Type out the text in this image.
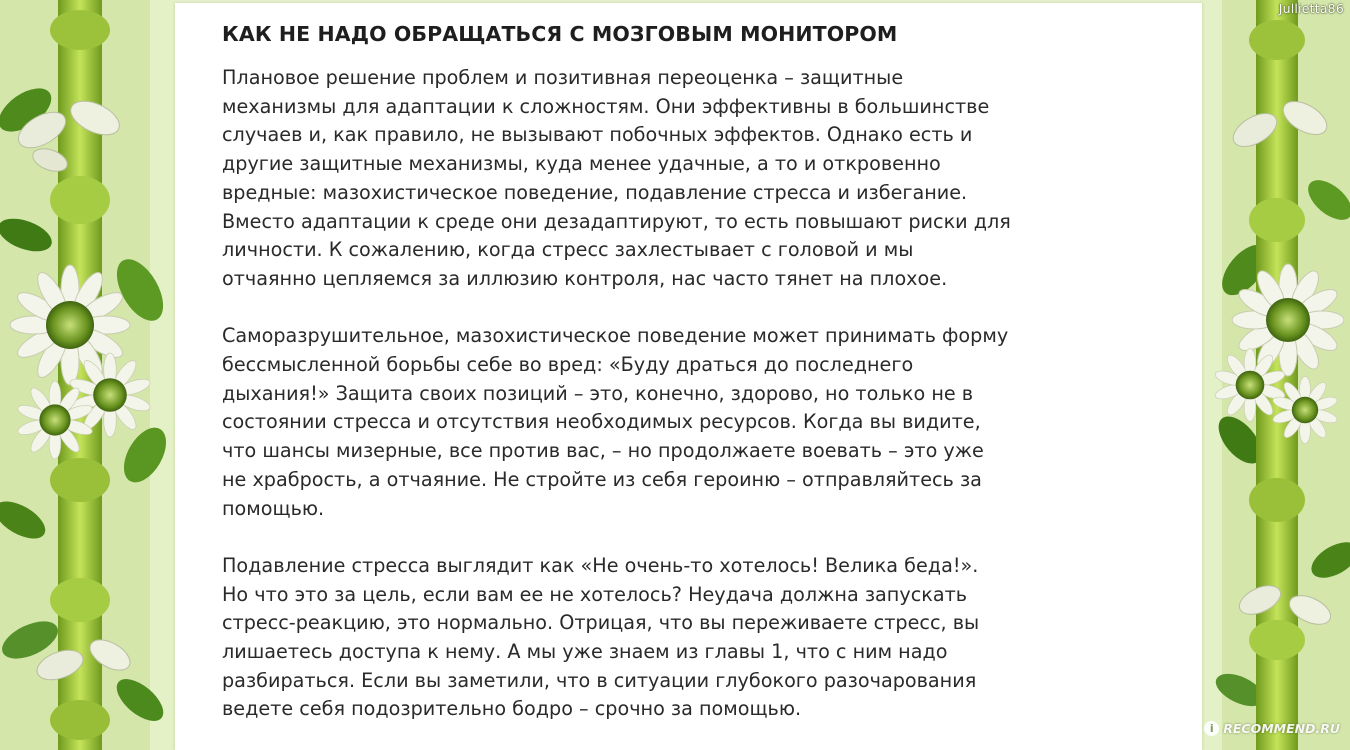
КАК НЕ НАДО ОБРАЩАТЬСЯ С МОЗГОВЫМ МОНИТОРОМ

Плановое решение проблем и позитивная переоценка – защитные
механизмы для адаптации к сложностям. Они эффективны в большинстве
случаев и, как правило, не вызывают побочных эффектов. Однако есть и
другие защитные механизмы, куда менее удачные, а то и откровенно
вредные: мазохистическое поведение, подавление стресса и избегание.
Вместо адаптации к среде они дезадаптируют, то есть повышают риски для
личности. К сожалению, когда стресс захлестывает с головой и мы
отчаянно цепляемся за иллюзию контроля, нас часто тянет на плохое.

Саморазрушительное, мазохистическое поведение может принимать форму
бессмысленной борьбы себе во вред: «Буду драться до последнего
дыхания!» Защита своих позиций – это, конечно, здорово, но только не в
состоянии стресса и отсутствия необходимых ресурсов. Когда вы видите,
что шансы мизерные, все против вас, – но продолжаете воевать – это уже
не храбрость, а отчаяние. Не стройте из себя героиню – отправляйтесь за
помощью.

Подавление стресса выглядит как «Не очень-то хотелось! Велика беда!».
Но что это за цель, если вам ее не хотелось? Неудача должна запускать
стресс-реакцию, это нормально. Отрицая, что вы переживаете стресс, вы
лишаетесь доступа к нему. А мы уже знаем из главы 1, что с ним надо
разбираться. Если вы заметили, что в ситуации глубокого разочарования
ведете себя подозрительно бодро – срочно за помощью.

Jullietta86
i RECOMMEND.RU
